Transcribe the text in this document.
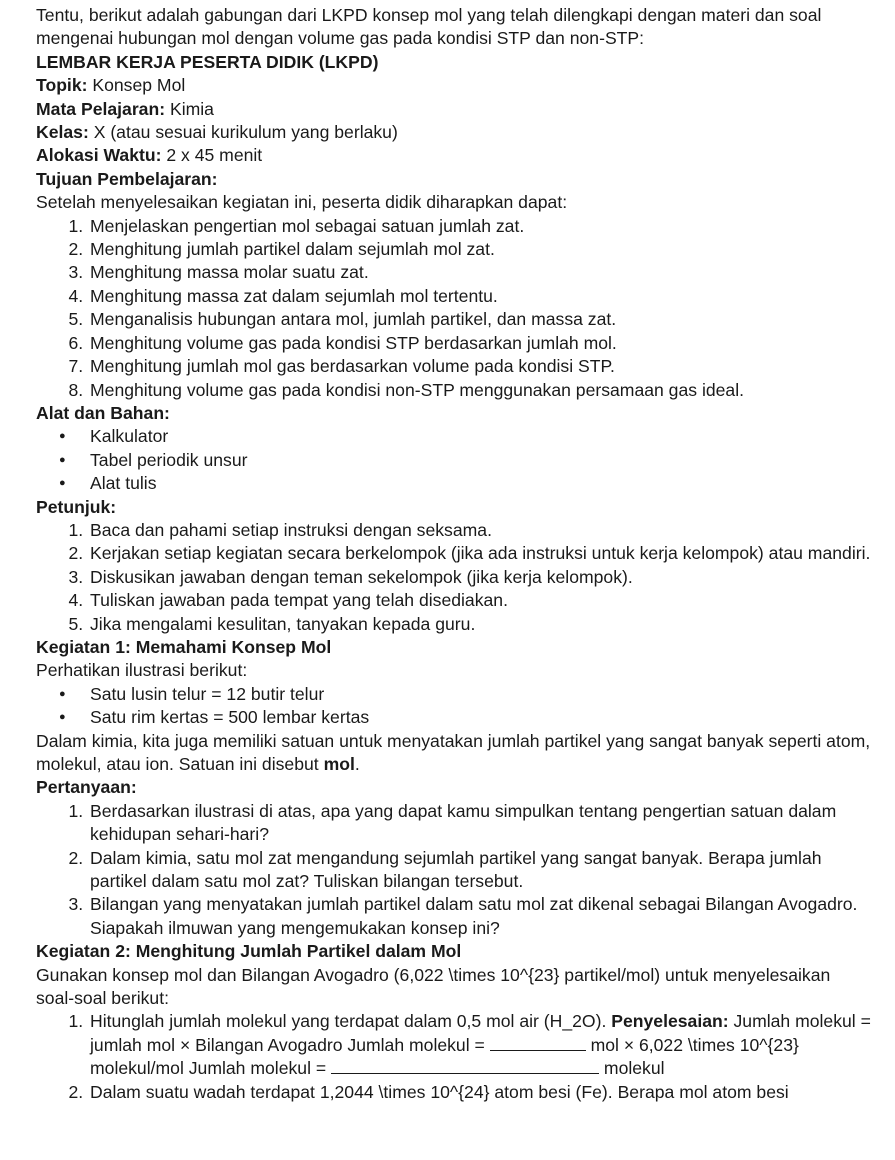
Tentu, berikut adalah gabungan dari LKPD konsep mol yang telah dilengkapi dengan materi dan soal mengenai hubungan mol dengan volume gas pada kondisi STP dan non-STP:

LEMBAR KERJA PESERTA DIDIK (LKPD)

Topik: Konsep Mol

Mata Pelajaran: Kimia

Kelas: X (atau sesuai kurikulum yang berlaku)

Alokasi Waktu: 2 x 45 menit

Tujuan Pembelajaran:

Setelah menyelesaikan kegiatan ini, peserta didik diharapkan dapat:

1. Menjelaskan pengertian mol sebagai satuan jumlah zat.
2. Menghitung jumlah partikel dalam sejumlah mol zat.
3. Menghitung massa molar suatu zat.
4. Menghitung massa zat dalam sejumlah mol tertentu.
5. Menganalisis hubungan antara mol, jumlah partikel, dan massa zat.
6. Menghitung volume gas pada kondisi STP berdasarkan jumlah mol.
7. Menghitung jumlah mol gas berdasarkan volume pada kondisi STP.
8. Menghitung volume gas pada kondisi non-STP menggunakan persamaan gas ideal.

Alat dan Bahan:

● Kalkulator
● Tabel periodik unsur
● Alat tulis

Petunjuk:

1. Baca dan pahami setiap instruksi dengan seksama.
2. Kerjakan setiap kegiatan secara berkelompok (jika ada instruksi untuk kerja kelompok) atau mandiri.
3. Diskusikan jawaban dengan teman sekelompok (jika kerja kelompok).
4. Tuliskan jawaban pada tempat yang telah disediakan.
5. Jika mengalami kesulitan, tanyakan kepada guru.

Kegiatan 1: Memahami Konsep Mol

Perhatikan ilustrasi berikut:

● Satu lusin telur = 12 butir telur
● Satu rim kertas = 500 lembar kertas

Dalam kimia, kita juga memiliki satuan untuk menyatakan jumlah partikel yang sangat banyak seperti atom, molekul, atau ion. Satuan ini disebut mol.

Pertanyaan:

1. Berdasarkan ilustrasi di atas, apa yang dapat kamu simpulkan tentang pengertian satuan dalam kehidupan sehari-hari?
2. Dalam kimia, satu mol zat mengandung sejumlah partikel yang sangat banyak. Berapa jumlah partikel dalam satu mol zat? Tuliskan bilangan tersebut.
3. Bilangan yang menyatakan jumlah partikel dalam satu mol zat dikenal sebagai Bilangan Avogadro. Siapakah ilmuwan yang mengemukakan konsep ini?

Kegiatan 2: Menghitung Jumlah Partikel dalam Mol

Gunakan konsep mol dan Bilangan Avogadro (6,022 \times 10^{23} partikel/mol) untuk menyelesaikan soal-soal berikut:

1. Hitunglah jumlah molekul yang terdapat dalam 0,5 mol air (H_2O). Penyelesaian: Jumlah molekul = jumlah mol × Bilangan Avogadro Jumlah molekul =	mol × 6,022 \times 10^{23} molekul/mol Jumlah molekul =	molekul
2. Dalam suatu wadah terdapat 1,2044 \times 10^{24} atom besi (Fe). Berapa mol atom besi
